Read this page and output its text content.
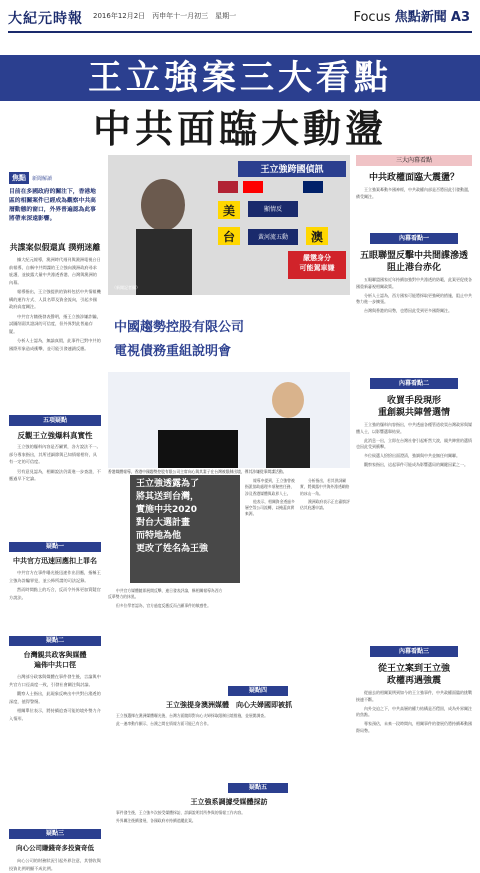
大紀元時報 2016年12月2日　丙申年十一月初三　星期一	Focus 焦點新聞 A3
王立強案三大看點
中共面臨大動盪
焦點 新聞解讀
目前在多國政府的關注下，香港地區的相關案件已經成為觀察中共高層動態的窗口，外界普遍認為此事將帶來深遠影響。
共諜案似假還真 撲朔迷離

據大紀元報導，澳洲時代週刊與澳洲電視台日前報導，自稱中共間諜的王立強向澳洲政府尋求庇護，並披露大量中共滲透香港、台灣與澳洲的內幕。

報導指出，王立強提供的資料包括中共情報機構的運作方式、人員名單及資金流向，引起多國政府高度關注。

中共官方隨後發表聲明，指王立強涉嫌詐騙，試圖削弱其證詞的可信度，但外界對此普遍存疑。

分析人士認為，無論真假，此事件已對中共的國際形象造成衝擊，並可能引發連鎖反應。

五項疑點
反觀王立強爆料真實性

王立強的爆料內容是否屬實，各方說法不一。部分專家指出，其所述細節與已知情報相符，具有一定的可信度。

另有意見認為，相關說法仍需進一步查證，不應過早下定論。

疑點一
中共官方迅速回應扣上罪名

中共官方在事件曝光後迅速作出回應，指稱王立強為詐騙罪犯，並公佈所謂的司法記錄。

然而時間點上的巧合，反而令外界更加質疑官方說法。

疑點二
台灣親共政客與媒體
遍佈中共口徑

台灣部分政客與媒體在事件發生後，言論與中共官方口徑高度一致，引發社會關注與討論。

觀察人士指出，此現象反映出中共對台滲透的深度，值得警惕。

相關單位表示，將持續追查可能的境外勢力介入情形。

疑點三
向心公司賺錢奇多投資奇低

向心公司的財務狀況引起外界注意，其營收與投資比例明顯不成比例。

王立強跨國偵訊
美	顯情反
台	黃河流五動	澳
嚴懲身分
可能駕車嫌
（新聞記者攝）
中國趨勢控股有限公司
電視債務重組說明會
香港媒體報導，香港中國趨勢控股有限公司主席向心與其妻子在台灣被限制出境，傳其涉嫌從事間諜活動。
王立強透露為了
將其送到台灣，
實施中共2020
對台大選計畫
而特地為他
更改了姓名為王強

報導中提到，王立強曾被指派協助處理多項秘密任務，涉及香港媒體與政界人士。

他表示，相關資金透過多層空殼公司流轉，以掩蓋真實來源。

分析指出，若其供詞屬實，將揭露中共海外滲透網絡的冰山一角。

澳洲政府表示正在審慎評估其庇護申請。

中共官方媒體隨即展開反擊，連日發表評論，稱相關報導為西方反華勢力的抹黑。

但多位學者認為，官方過度反應反而凸顯事件的敏感性。

疑點四
王立強提身澳洲媒體　向心夫婦國即被抓

王立強選擇在澳洲媒體曝光後，台灣方面隨即對向心夫婦採取限制出境措施，並展開調查。

此一連串動作顯示，台澳之間在情報方面可能已有合作。

疑點五
王立強系調據受媒體採訪

事件發生後，王立強多次接受媒體採訪，詳細說明其所參與的情報工作內容。

外界關注後續發展，各國政府亦持續追蹤此案。

三大內幕看點
中共政權面臨大震盪？

王立強案牽動多國神經，中共政權內部是否將因此引發動盪，備受關注。

內幕看點一
五眼聯盟反擊中共間諜滲透
阻止港台赤化

五眼聯盟國家近年持續加強對中共滲透的防範，此案更促使各國重新審視相關政策。

分析人士認為，西方國家可能將採取更強硬的措施，阻止中共勢力進一步擴張。

台灣與香港的局勢，也將因此受到更多國際關注。

內幕看點二
收買手段現形
重創親共陣營選情

王立強的爆料內容指出，中共透過各種管道收買台灣政界與媒體人士，以影響選舉結果。

此消息一出，立即在台灣社會引起軒然大波，親共陣營的選情也因此受到衝擊。

多位候選人紛紛出面澄清，強調與中共並無任何關聯。

觀察家指出，這起事件可能成為影響選局的關鍵因素之一。

內幕看點三
從王立案到王立強
政權再遇強震

從過去的相關案例到如今的王立強事件，中共政權面臨的挑戰接連不斷。

內外交迫之下，中共高層的權力結構是否穩固，成為外界關注的焦點。

專家預估，未來一段時間內，相關事件的發展仍將持續牽動國際局勢。
